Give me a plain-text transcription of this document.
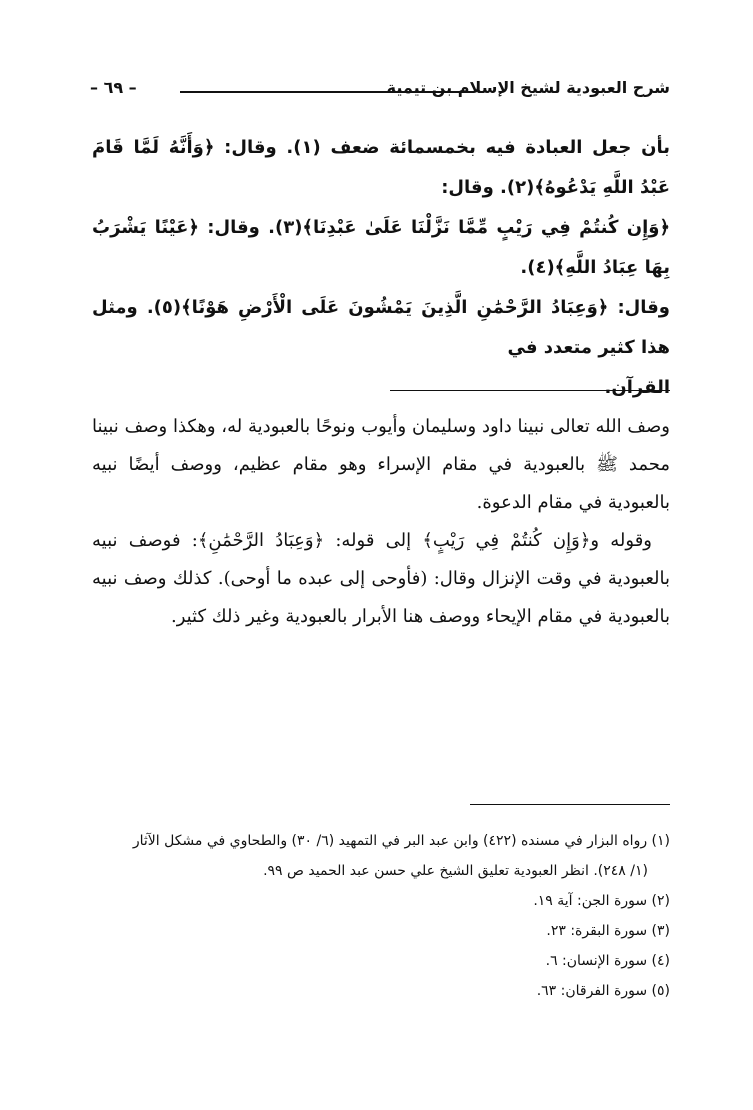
شرح العبودية لشيخ الإسلام بن تيمية
– ٦٩ –

بأن جعل العبادة فيه بخمسمائة ضعف (١). وقال: ﴿وَأَنَّهُ لَمَّا قَامَ عَبْدُ اللَّهِ يَدْعُوهُ﴾(٢). وقال:

﴿وَإِن كُنتُمْ فِي رَيْبٍ مِّمَّا نَزَّلْنَا عَلَىٰ عَبْدِنَا﴾(٣). وقال: ﴿عَيْنًا يَشْرَبُ بِهَا عِبَادُ اللَّهِ﴾(٤).

وقال: ﴿وَعِبَادُ الرَّحْمَٰنِ الَّذِينَ يَمْشُونَ عَلَى الْأَرْضِ هَوْنًا﴾(٥). ومثل هذا كثير متعدد في

القرآن.

وصف الله تعالى نبينا داود وسليمان وأيوب ونوحًا بالعبودية له، وهكذا وصف نبينا محمد ﷺ بالعبودية في مقام الإسراء وهو مقام عظيم، ووصف أيضًا نبيه بالعبودية في مقام الدعوة.

وقوله و﴿وَإِن كُنتُمْ فِي رَيْبٍ﴾ إلى قوله: ﴿وَعِبَادُ الرَّحْمَٰنِ﴾: فوصف نبيه بالعبودية في وقت الإنزال وقال: (فأوحى إلى عبده ما أوحى). كذلك وصف نبيه بالعبودية في مقام الإيحاء ووصف هنا الأبرار بالعبودية وغير ذلك كثير.

(١) رواه البزار في مسنده (٤٢٢) وابن عبد البر في التمهيد (٦/ ٣٠) والطحاوي في مشكل الآثار

(١/ ٢٤٨). انظر العبودية تعليق الشيخ علي حسن عبد الحميد ص ٩٩.

(٢) سورة الجن: آية ١٩.

(٣) سورة البقرة: ٢٣.

(٤) سورة الإنسان: ٦.

(٥) سورة الفرقان: ٦٣.
